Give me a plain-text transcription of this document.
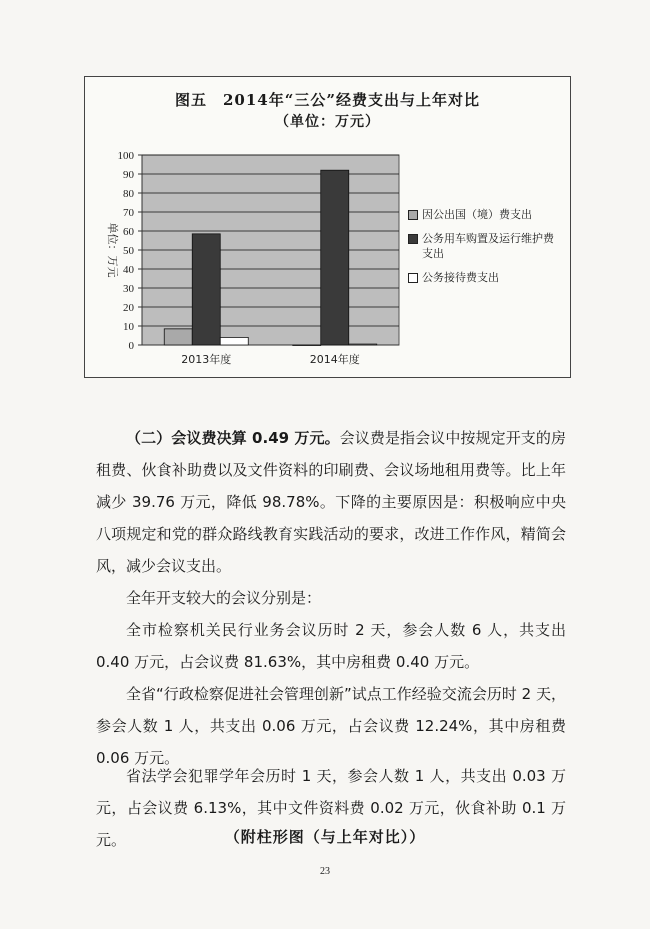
图五　2014年“三公”经费支出与上年对比
（单位：万元）
0
10
20
30
40
50
60
70
80
90
100
单位：万元
2013年度	2014年度
因公出国（境）费支出
公务用车购置及运行维护费支出
公务接待费支出

（二）会议费决算 0.49 万元。会议费是指会议中按规定开支的房租费、伙食补助费以及文件资料的印刷费、会议场地租用费等。比上年减少 39.76 万元，降低 98.78%。下降的主要原因是：积极响应中央八项规定和党的群众路线教育实践活动的要求，改进工作作风，精简会风，减少会议支出。

全年开支较大的会议分别是：

全市检察机关民行业务会议历时 2 天，参会人数 6 人，共支出 0.40 万元，占会议费 81.63%，其中房租费 0.40 万元。

全省“行政检察促进社会管理创新”试点工作经验交流会历时 2 天，参会人数 1 人，共支出 0.06 万元，占会议费 12.24%，其中房租费 0.06 万元。

省法学会犯罪学年会历时 1 天，参会人数 1 人，共支出 0.03 万元，占会议费 6.13%，其中文件资料费 0.02 万元，伙食补助 0.1 万元。	（附柱形图（与上年对比））
23
